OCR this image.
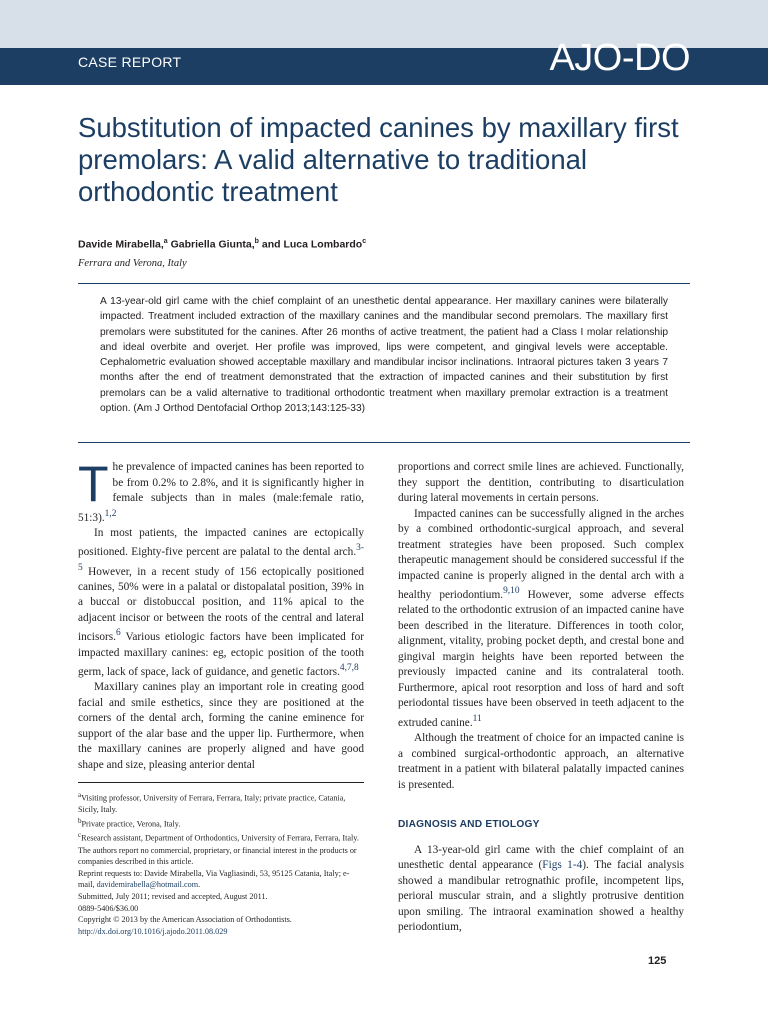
CASE REPORT	AJO-DO
Substitution of impacted canines by maxillary first premolars: A valid alternative to traditional orthodontic treatment
Davide Mirabella,$^a$ Gabriella Giunta,$^b$ and Luca Lombardo$^c$
Ferrara and Verona, Italy

A 13-year-old girl came with the chief complaint of an unesthetic dental appearance. Her maxillary canines were bilaterally impacted. Treatment included extraction of the maxillary canines and the mandibular second premolars. The maxillary first premolars were substituted for the canines. After 26 months of active treatment, the patient had a Class I molar relationship and ideal overbite and overjet. Her profile was improved, lips were competent, and gingival levels were acceptable. Cephalometric evaluation showed acceptable maxillary and mandibular incisor inclinations. Intraoral pictures taken 3 years 7 months after the end of treatment demonstrated that the extraction of impacted canines and their substitution by first premolars can be a valid alternative to traditional orthodontic treatment when maxillary premolar extraction is a treatment option. (Am J Orthod Dentofacial Orthop 2013;143:125-33)

The prevalence of impacted canines has been reported to be from 0.2% to 2.8%, and it is significantly higher in female subjects than in males (male:female ratio, 51:3).$^{1,2}$

In most patients, the impacted canines are ectopically positioned. Eighty-five percent are palatal to the dental arch.$^{3-5}$ However, in a recent study of 156 ectopically positioned canines, 50% were in a palatal or distopalatal position, 39% in a buccal or distobuccal position, and 11% apical to the adjacent incisor or between the roots of the central and lateral incisors.$^6$ Various etiologic factors have been implicated for impacted maxillary canines: eg, ectopic position of the tooth germ, lack of space, lack of guidance, and genetic factors.$^{4,7,8}$

Maxillary canines play an important role in creating good facial and smile esthetics, since they are positioned at the corners of the dental arch, forming the canine eminence for support of the alar base and the upper lip. Furthermore, when the maxillary canines are properly aligned and have good shape and size, pleasing anterior dental

proportions and correct smile lines are achieved. Functionally, they support the dentition, contributing to disarticulation during lateral movements in certain persons.

Impacted canines can be successfully aligned in the arches by a combined orthodontic-surgical approach, and several treatment strategies have been proposed. Such complex therapeutic management should be considered successful if the impacted canine is properly aligned in the dental arch with a healthy periodontium.$^{9,10}$ However, some adverse effects related to the orthodontic extrusion of an impacted canine have been described in the literature. Differences in tooth color, alignment, vitality, probing pocket depth, and crestal bone and gingival margin heights have been reported between the previously impacted canine and its contralateral tooth. Furthermore, apical root resorption and loss of hard and soft periodontal tissues have been observed in teeth adjacent to the extruded canine.$^{11}$

Although the treatment of choice for an impacted canine is a combined surgical-orthodontic approach, an alternative treatment in a patient with bilateral palatally impacted canines is presented.

DIAGNOSIS AND ETIOLOGY

A 13-year-old girl came with the chief complaint of an unesthetic dental appearance (Figs 1-4). The facial analysis showed a mandibular retrognathic profile, incompetent lips, perioral muscular strain, and a slightly protrusive dentition upon smiling. The intraoral examination showed a healthy periodontium,

$^a$Visiting professor, University of Ferrara, Ferrara, Italy; private practice, Catania, Sicily, Italy.

$^b$Private practice, Verona, Italy.

$^c$Research assistant, Department of Orthodontics, University of Ferrara, Ferrara, Italy.

The authors report no commercial, proprietary, or financial interest in the products or companies described in this article.

Reprint requests to: Davide Mirabella, Via Vagliasindi, 53, 95125 Catania, Italy; e-mail, davidemirabella@hotmail.com.

Submitted, July 2011; revised and accepted, August 2011.

0889-5406/$36.00

Copyright © 2013 by the American Association of Orthodontists.

http://dx.doi.org/10.1016/j.ajodo.2011.08.029

125
